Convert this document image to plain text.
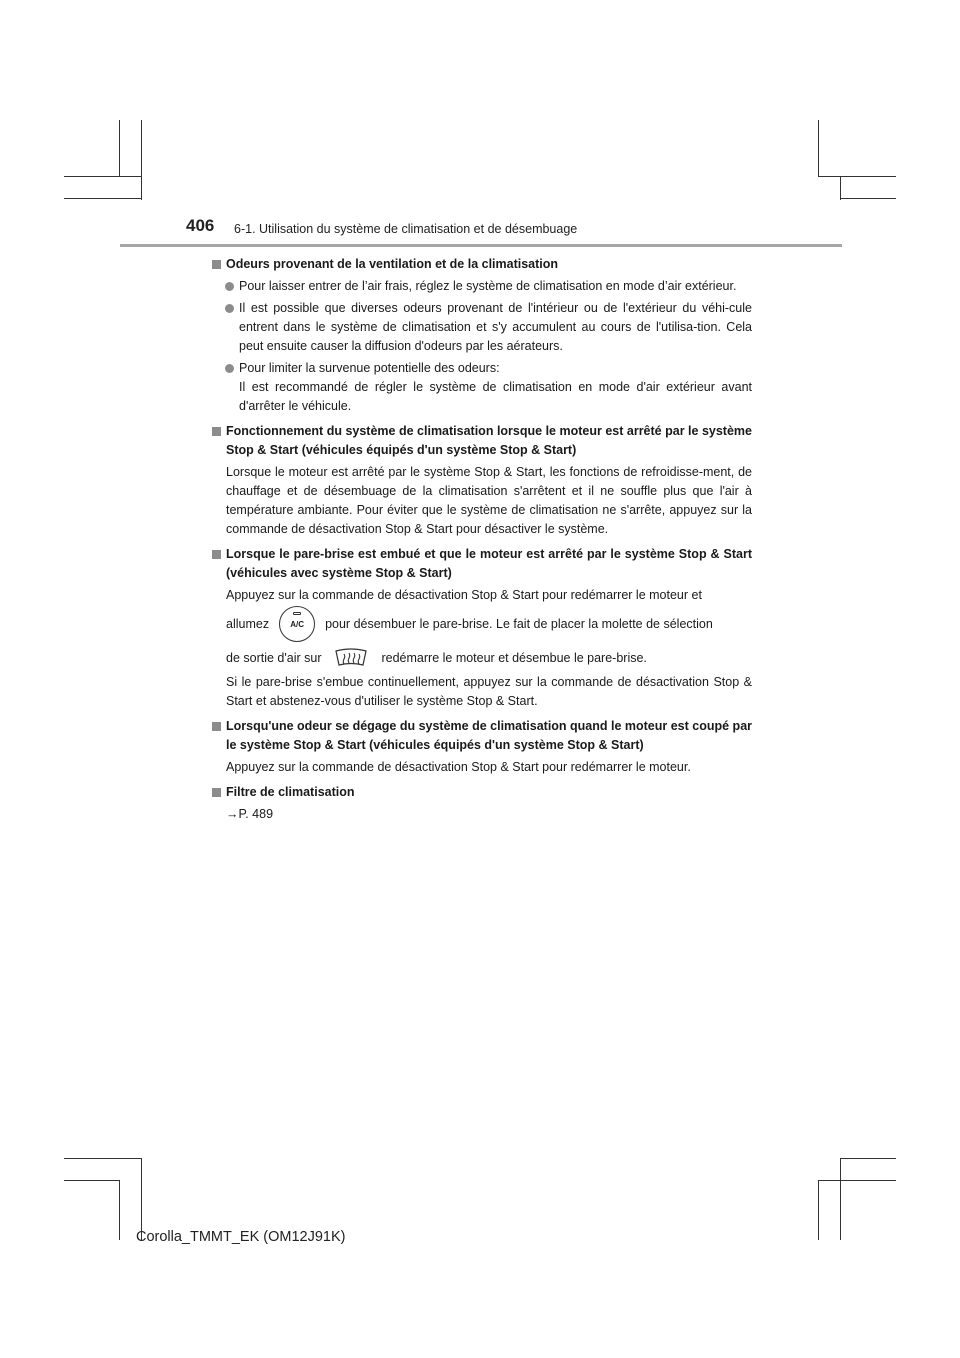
406 6-1. Utilisation du système de climatisation et de désembuage
Odeurs provenant de la ventilation et de la climatisation
Pour laisser entrer de l’air frais, réglez le système de climatisation en mode d’air extérieur.
Il est possible que diverses odeurs provenant de l'intérieur ou de l'extérieur du véhi-cule entrent dans le système de climatisation et s'y accumulent au cours de l'utilisa-tion. Cela peut ensuite causer la diffusion d'odeurs par les aérateurs.
Pour limiter la survenue potentielle des odeurs:
Il est recommandé de régler le système de climatisation en mode d'air extérieur avant d'arrêter le véhicule.
Fonctionnement du système de climatisation lorsque le moteur est arrêté par le système Stop & Start (véhicules équipés d'un système Stop & Start)
Lorsque le moteur est arrêté par le système Stop & Start, les fonctions de refroidisse-ment, de chauffage et de désembuage de la climatisation s'arrêtent et il ne souffle plus que l'air à température ambiante. Pour éviter que le système de climatisation ne s'arrête, appuyez sur la commande de désactivation Stop & Start pour désactiver le système.
Lorsque le pare-brise est embué et que le moteur est arrêté par le système Stop & Start (véhicules avec système Stop & Start)
Appuyez sur la commande de désactivation Stop & Start pour redémarrer le moteur et
allumez	A/C pour désembuer le pare-brise. Le fait de placer la molette de sélection
de sortie d'air sur	redémarre le moteur et désembue le pare-brise.
Si le pare-brise s'embue continuellement, appuyez sur la commande de désactivation Stop & Start et abstenez-vous d'utiliser le système Stop & Start.
Lorsqu'une odeur se dégage du système de climatisation quand le moteur est coupé par le système Stop & Start (véhicules équipés d'un système Stop & Start)
Appuyez sur la commande de désactivation Stop & Start pour redémarrer le moteur.
Filtre de climatisation
→P. 489
Corolla_TMMT_EK (OM12J91K)
